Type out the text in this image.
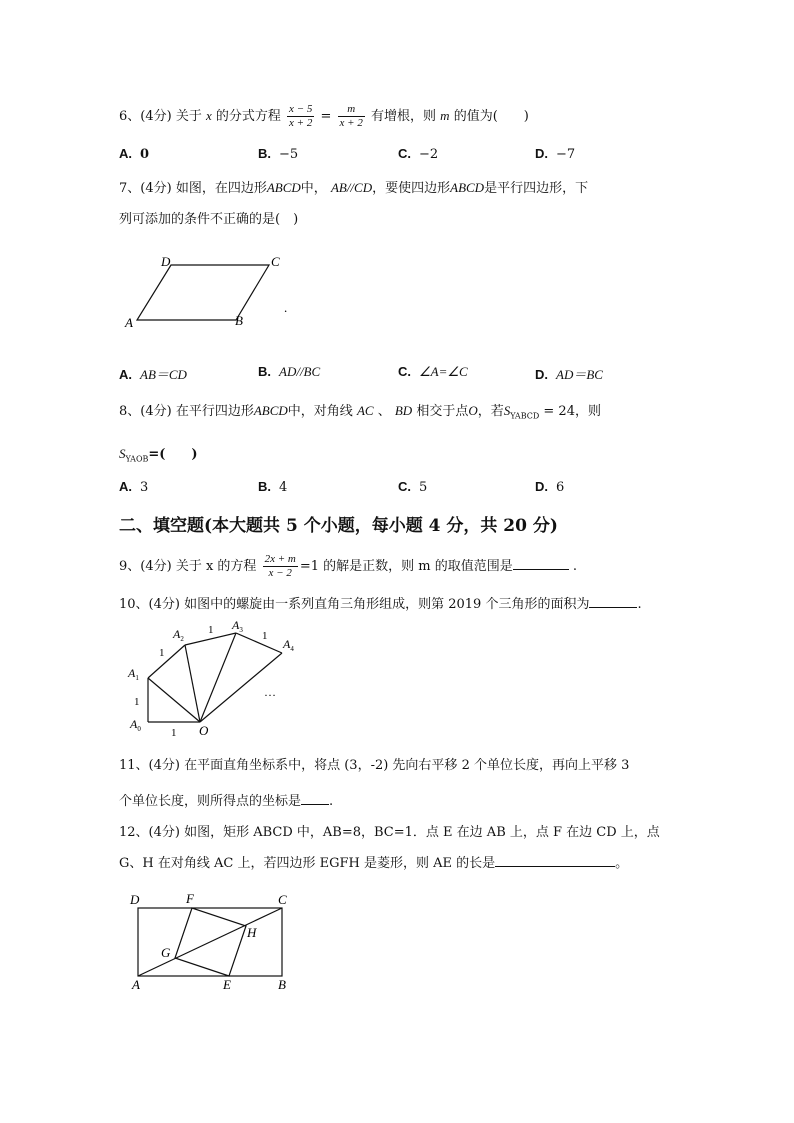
6、(4分) 关于 x 的分式方程 $\frac{x - 5}{x + 2} = \frac{m}{x + 2}$ 有增根，则 m 的值为(　　)
A. 0	B. −5	C. −2	D. −7
7、(4分) 如图，在四边形ABCD中， AB//CD，要使四边形ABCD是平行四边形，下
列可添加的条件不正确的是(　)
D	C
A	B
.
A. AB＝CD	B. AD//BC	C. ∠A=∠C	D. AD＝BC
8、(4分) 在平行四边形ABCD中，对角线 AC 、 BD 相交于点O，若$S_{YABCD} = 24$，则
$S_{YAOB}=$(　　)
A. 3	B. 4	C. 5	D. 6
二、填空题(本大题共 5 个小题，每小题 4 分，共 20 分)
9、(4分) 关于 x 的方程 $\frac{2x + m}{x - 2} =1$ 的解是正数，则 m 的取值范围是	.
10、(4分) 如图中的螺旋由一系列直角三角形组成，则第 2019 个三角形的面积为	.
$A_0$
$A_1$
$A_2$
$A_3$
$A_4$
O
1
1
1
1	1
…
11、(4分) 在平面直角坐标系中，将点 (3，-2) 先向右平移 2 个单位长度，再向上平移 3
个单位长度，则所得点的坐标是 .
12、(4分) 如图，矩形 ABCD 中，AB=8，BC=1．点 E 在边 AB 上，点 F 在边 CD 上，点
G、H 在对角线 AC 上，若四边形 EGFH 是菱形，则 AE 的长是	。
D	F	C
H
G
A	E	B
